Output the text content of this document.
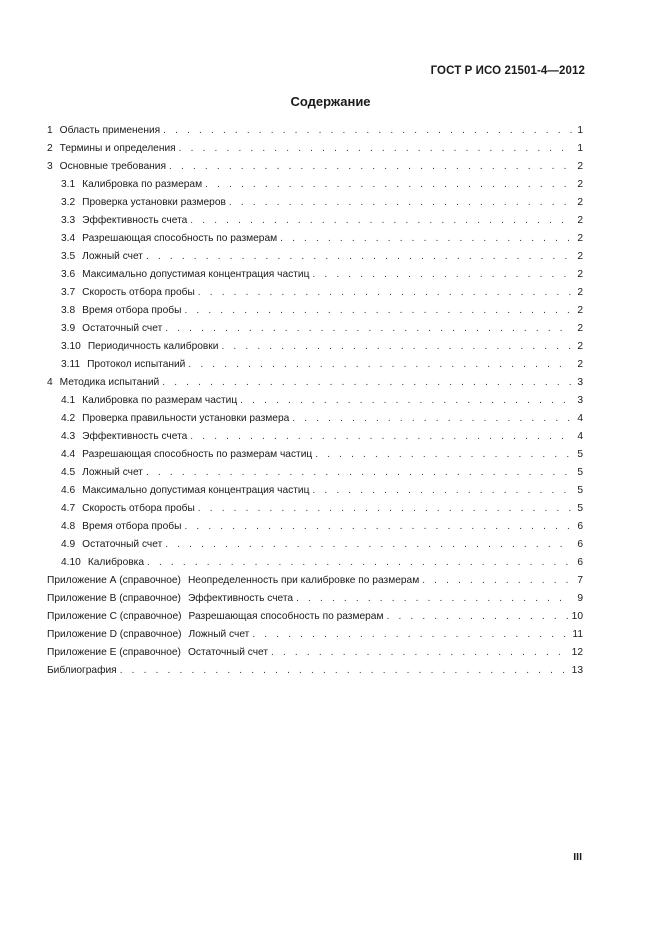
ГОСТ Р ИСО 21501-4—2012
Содержание
1 Область применения . . .	1
2 Термины и определения . . .	1
3 Основные требования . . .	2
3.1 Калибровка по размерам . . .	2
3.2 Проверка установки размеров . . .	2
3.3 Эффективность счета . . .	2
3.4 Разрешающая способность по размерам . . .	2
3.5 Ложный счет . . .	2
3.6 Максимально допустимая концентрация частиц . . .	2
3.7 Скорость отбора пробы . . .	2
3.8 Время отбора пробы . . .	2
3.9 Остаточный счет . . .	2
3.10 Периодичность калибровки . . .	2
3.11 Протокол испытаний . . .	2
4 Методика испытаний . . .	3
4.1 Калибровка по размерам частиц . . .	3
4.2 Проверка правильности установки размера . . .	4
4.3 Эффективность счета . . .	4
4.4 Разрешающая способность по размерам частиц . . .	5
4.5 Ложный счет . . .	5
4.6 Максимально допустимая концентрация частиц . . .	5
4.7 Скорость отбора пробы . . .	5
4.8 Время отбора пробы . . .	6
4.9 Остаточный счет . . .	6
4.10 Калибровка . . .	6
Приложение А (справочное) Неопределенность при калибровке по размерам . . .	7
Приложение В (справочное) Эффективность счета . . .	9
Приложение С (справочное) Разрешающая способность по размерам . . .	10
Приложение D (справочное) Ложный счет . . .	11
Приложение Е (справочное) Остаточный счет . . .	12
Библиография . . .	13
III
